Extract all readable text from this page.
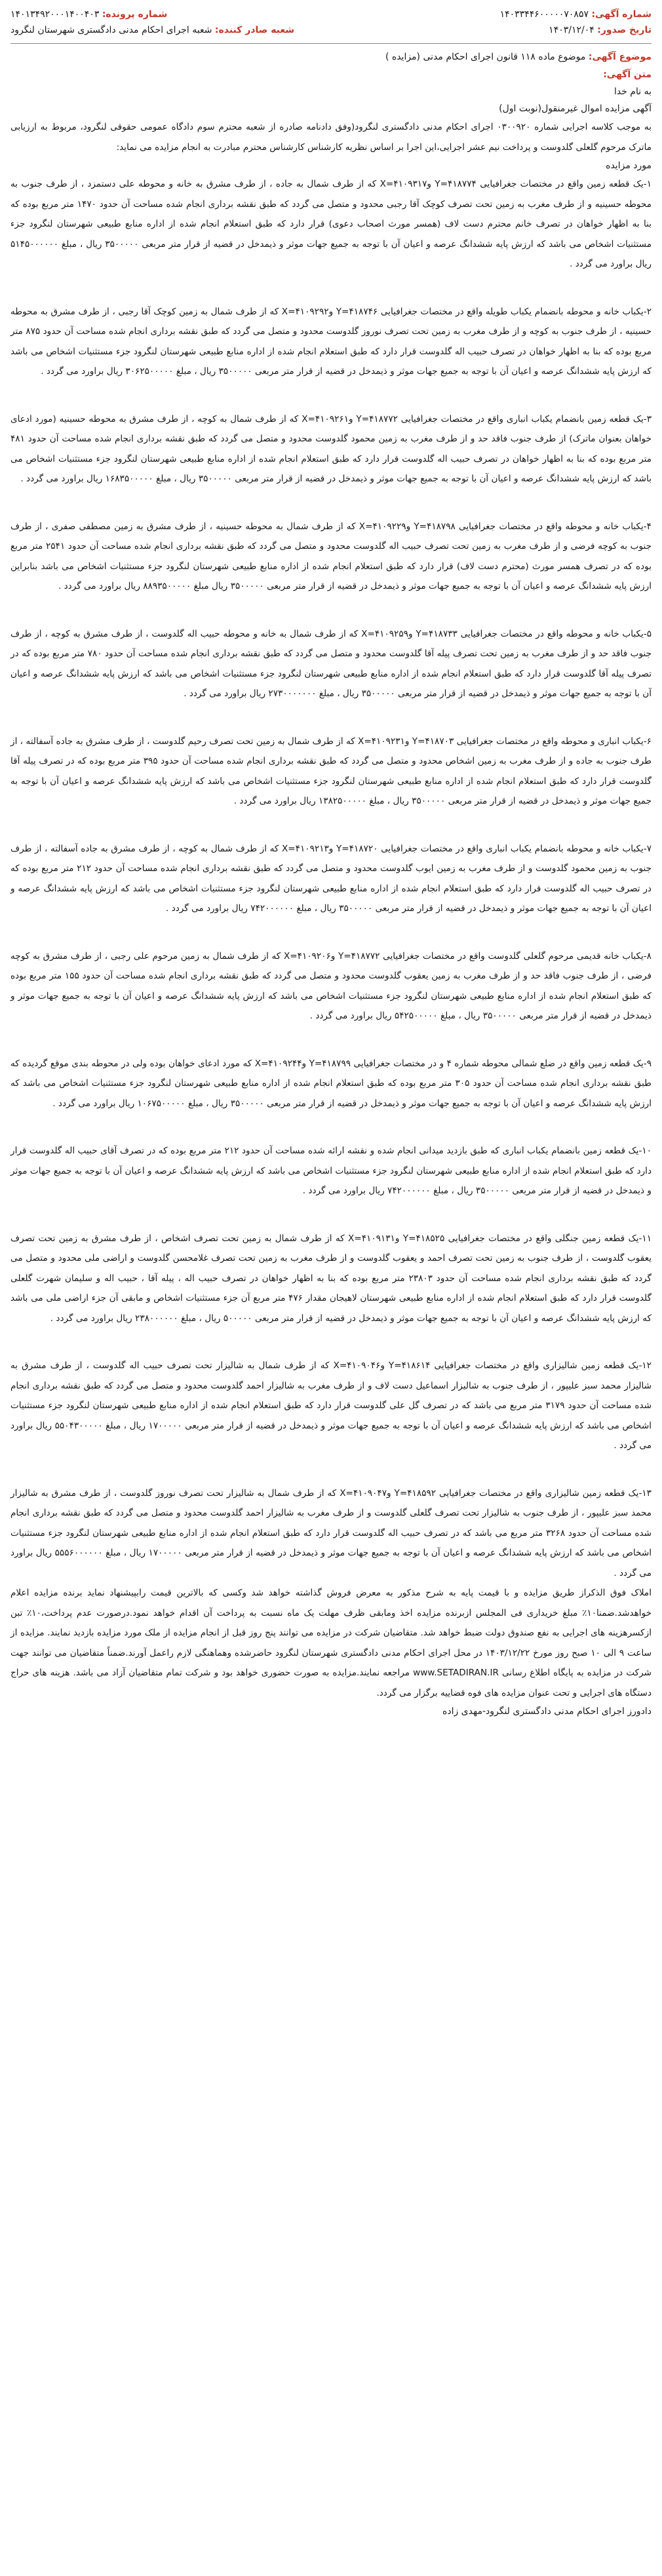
شماره آگهی: ۱۴۰۳۳۴۴۶۰۰۰۰۰۷۰۸۵۷
شماره پرونده: ۱۴۰۱۳۴۹۲۰۰۰۱۴۰۰۴۰۳
تاریخ صدور: ۱۴۰۳/۱۲/۰۴
شعبه صادر کننده: شعبه اجرای احکام مدنی دادگستری شهرستان لنگرود
موضوع آگهی: موضوع ماده ۱۱۸ قانون اجرای احکام مدنی (مزایده )
متن آگهی:
به نام خدا
آگهی مزایده اموال غیرمنقول(نوبت اول)

به موجب کلاسه اجرایی شماره ۰۳۰۰۹۲۰ اجرای احکام مدنی دادگستری لنگرود(وفق دادنامه صادره از شعبه محترم سوم دادگاه عمومی حقوقی لنگرود، مربوط به ارزیابی ماترک مرحوم گلعلی گلدوست و پرداخت نیم عشر اجرایی،این اجرا بر اساس نظریه کارشناس کارشناس محترم مبادرت به انجام مزایده می نماید:

مورد مزایده

۱-یک قطعه زمین واقع در مختصات جغرافیایی Y=۴۱۸۷۷۴ وX=۴۱۰۹۳۱۷ که از طرف شمال به جاده ، از طرف مشرق به خانه و محوطه علی دستمزد ، از طرف جنوب به محوطه حسینیه و از طرف مغرب به زمین تحت تصرف کوچک آقا رجبی محدود و متصل می گردد که طبق نقشه برداری انجام شده مساحت آن حدود ۱۴۷۰ متر مربع بوده که بنا به اظهار خواهان در تصرف خانم محترم دست لاف (همسر مورث اصحاب دعوی) قرار دارد که طبق استعلام انجام شده از اداره منابع طبیعی شهرستان لنگرود جزء مستثنیات اشخاص می باشد که ارزش پایه ششدانگ عرصه و اعیان آن با توجه به جمیع جهات موثر و ذیمدخل در قضیه از قرار متر مربعی ۳۵۰۰۰۰۰ ریال ، مبلغ ۵۱۴۵۰۰۰۰۰۰ ریال براورد می گردد .

۲-یکباب خانه و محوطه بانضمام یکباب طویله واقع در مختصات جغرافیایی Y=۴۱۸۷۴۶ وX=۴۱۰۹۲۹۲ که از طرف شمال به زمین کوچک آقا رجبی ، از طرف مشرق به محوطه حسینیه ، از طرف جنوب به کوچه و از طرف مغرب به زمین تحت تصرف نوروز گلدوست محدود و متصل می گردد که طبق نقشه برداری انجام شده مساحت آن حدود ۸۷۵ متر مربع بوده که بنا به اظهار خواهان در تصرف حبیب اله گلدوست قرار دارد که طبق استعلام انجام شده از اداره منابع طبیعی شهرستان لنگرود جزء مستثنیات اشخاص می باشد که ارزش پایه ششدانگ عرصه و اعیان آن با توجه به جمیع جهات موثر و ذیمدخل در قضیه از قرار متر مربعی ۳۵۰۰۰۰۰ ریال ، مبلغ ۳۰۶۲۵۰۰۰۰۰ ریال براورد می گردد .

۳-یک قطعه زمین بانضمام یکباب انباری واقع در مختصات جغرافیایی Y=۴۱۸۷۷۲ وX=۴۱۰۹۲۶۱ که از طرف شمال به کوچه ، از طرف مشرق به محوطه حسینیه (مورد ادعای خواهان بعنوان ماترک) از طرف جنوب فاقد حد و از طرف مغرب به زمین محمود گلدوست محدود و متصل می گردد که طبق نقشه برداری انجام شده مساحت آن حدود ۴۸۱ متر مربع بوده که بنا به اظهار خواهان در تصرف حبیب اله گلدوست قرار دارد که طبق استعلام انجام شده از اداره منابع طبیعی شهرستان لنگرود جزء مستثنیات اشخاص می باشد که ارزش پایه ششدانگ عرصه و اعیان آن با توجه به جمیع جهات موثر و ذیمدخل در قضیه از قرار متر مربعی ۳۵۰۰۰۰۰ ریال ، مبلغ ۱۶۸۳۵۰۰۰۰۰ ریال براورد می گردد .

۴-یکباب خانه و محوطه واقع در مختصات جغرافیایی Y=۴۱۸۷۹۸ وX=۴۱۰۹۲۲۹ که از طرف شمال به محوطه حسینیه ، از طرف مشرق به زمین مصطفی صفری ، از طرف جنوب به کوچه فرضی و از طرف مغرب به زمین تحت تصرف حبیب اله گلدوست محدود و متصل می گردد که طبق نقشه برداری انجام شده مساحت آن حدود ۲۵۴۱ متر مربع بوده که در تصرف همسر مورث (محترم دست لاف) قرار دارد که طبق استعلام انجام شده از اداره منابع طبیعی شهرستان لنگرود جزء مستثنیات اشخاص می باشد بنابراین ارزش پایه ششدانگ عرصه و اعیان آن با توجه به جمیع جهات موثر و ذیمدخل در قضیه از قرار متر مربعی ۳۵۰۰۰۰۰ ریال مبلغ ۸۸۹۳۵۰۰۰۰۰ ریال براورد می گردد .

۵-یکباب خانه و محوطه واقع در مختصات جغرافیایی Y=۴۱۸۷۳۳ وX=۴۱۰۹۲۵۹ که از طرف شمال به خانه و محوطه حبیب اله گلدوست ، از طرف مشرق به کوچه ، از طرف جنوب فاقد حد و از طرف مغرب به زمین تحت تصرف پیله آقا گلدوست محدود و متصل می گردد که طبق نقشه برداری انجام شده مساحت آن حدود ۷۸۰ متر مربع بوده که در تصرف پیله آقا گلدوست قرار دارد که طبق استعلام انجام شده از اداره منابع طبیعی شهرستان لنگرود جزء مستثنیات اشخاص می باشد که ارزش پایه ششدانگ عرصه و اعیان آن با توجه به جمیع جهات موثر و ذیمدخل در قضیه از قرار متر مربعی ۳۵۰۰۰۰۰ ریال ، مبلغ ۲۷۳۰۰۰۰۰۰۰ ریال براورد می گردد .

۶-یکباب انباری و محوطه واقع در مختصات جغرافیایی Y=۴۱۸۷۰۳ وX=۴۱۰۹۲۳۱ که از طرف شمال به زمین تحت تصرف رحیم گلدوست ، از طرف مشرق به جاده آسفالته ، از طرف جنوب به جاده و از طرف مغرب به زمین اشخاص محدود و متصل می گردد که طبق نقشه برداری انجام شده مساحت آن حدود ۳۹۵ متر مربع بوده که در تصرف پیله آقا گلدوست قرار دارد که طبق استعلام انجام شده از اداره منابع طبیعی شهرستان لنگرود جزء مستثنیات اشخاص می باشد که ارزش پایه ششدانگ عرصه و اعیان آن با توجه به جمیع جهات موثر و ذیمدخل در قضیه از قرار متر مربعی ۳۵۰۰۰۰۰ ریال ، مبلغ ۱۳۸۲۵۰۰۰۰۰ ریال براورد می گردد .

۷-یکباب خانه و محوطه بانضمام یکباب انباری واقع در مختصات جغرافیایی Y=۴۱۸۷۲۰ وX=۴۱۰۹۲۱۳ که از طرف شمال به کوچه ، از طرف مشرق به جاده آسفالته ، از طرف جنوب به زمین محمود گلدوست و از طرف مغرب به زمین ایوب گلدوست محدود و متصل می گردد که طبق نقشه برداری انجام شده مساحت آن حدود ۲۱۲ متر مربع بوده که در تصرف حبیب اله گلدوست قرار دارد که طبق استعلام انجام شده از اداره منابع طبیعی شهرستان لنگرود جزء مستثنیات اشخاص می باشد که ارزش پایه ششدانگ عرصه و اعیان آن با توجه به جمیع جهات موثر و ذیمدخل در قضیه از قرار متر مربعی ۳۵۰۰۰۰۰ ریال ، مبلغ ۷۴۲۰۰۰۰۰۰ ریال براورد می گردد .

۸-یکباب خانه قدیمی مرحوم گلعلی گلدوست واقع در مختصات جغرافیایی Y=۴۱۸۷۷۲ وX=۴۱۰۹۲۰۶ که از طرف شمال به زمین مرحوم علی رجبی ، از طرف مشرق به کوچه فرضی ، از طرف جنوب فاقد حد و از طرف مغرب به زمین یعقوب گلدوست محدود و متصل می گردد که طبق نقشه برداری انجام شده مساحت آن حدود ۱۵۵ متر مربع بوده که طبق استعلام انجام شده از اداره منابع طبیعی شهرستان لنگرود جزء مستثنیات اشخاص می باشد که ارزش پایه ششدانگ عرصه و اعیان آن با توجه به جمیع جهات موثر و ذیمدخل در قضیه از قرار متر مربعی ۳۵۰۰۰۰۰ ریال ، مبلغ ۵۴۲۵۰۰۰۰۰ ریال براورد می گردد .

۹-یک قطعه زمین واقع در ضلع شمالی محوطه شماره ۴ و در مختصات جغرافیایی Y=۴۱۸۷۹۹ وX=۴۱۰۹۲۴۴ که مورد ادعای خواهان بوده ولی در محوطه بندی موقع گردیده که طبق نقشه برداری انجام شده مساحت آن حدود ۳۰۵ متر مربع بوده که طبق استعلام انجام شده از اداره منابع طبیعی شهرستان لنگرود جزء مستثنیات اشخاص می باشد که ارزش پایه ششدانگ عرصه و اعیان آن با توجه به جمیع جهات موثر و ذیمدخل در قضیه از قرار متر مربعی ۳۵۰۰۰۰۰ ریال ، مبلغ ۱۰۶۷۵۰۰۰۰۰ ریال براورد می گردد .

۱۰-یک قطعه زمین بانضمام یکباب انباری که طبق بازدید میدانی انجام شده و نقشه ارائه شده مساحت آن حدود ۲۱۲ متر مربع بوده که در تصرف آقای حبیب اله گلدوست قرار دارد که طبق استعلام انجام شده از اداره منابع طبیعی شهرستان لنگرود جزء مستثنیات اشخاص می باشد که ارزش پایه ششدانگ عرصه و اعیان آن با توجه به جمیع جهات موثر و ذیمدخل در قضیه از قرار متر مربعی ۳۵۰۰۰۰۰ ریال ، مبلغ ۷۴۲۰۰۰۰۰۰ ریال براورد می گردد .

۱۱-یک قطعه زمین جنگلی واقع در مختصات جغرافیایی Y=۴۱۸۵۲۵ وX=۴۱۰۹۱۳۱ که از طرف شمال به زمین تحت تصرف اشخاص ، از طرف مشرق به زمین تحت تصرف یعقوب گلدوست ، از طرف جنوب به زمین تحت تصرف احمد و یعقوب گلدوست و از طرف مغرب به زمین تحت تصرف غلامحسن گلدوست و اراضی ملی محدود و متصل می گردد که طبق نقشه برداری انجام شده مساحت آن حدود ۲۳۸۰۳ متر مربع بوده که بنا به اظهار خواهان در تصرف حبیب اله ، پیله آقا ، حبیب اله و سلیمان شهرت گلعلی گلدوست قرار دارد که طبق استعلام انجام شده از اداره منابع طبیعی شهرستان لاهیجان مقدار ۴۷۶ متر مربع آن جزء مستثنیات اشخاص و مابقی آن جزء اراضی ملی می باشد که ارزش پایه ششدانگ عرصه و اعیان آن با توجه به جمیع جهات موثر و ذیمدخل در قضیه از قرار متر مربعی ۵۰۰۰۰۰ ریال ، مبلغ ۲۳۸۰۰۰۰۰۰ ریال براورد می گردد .

۱۲-یک قطعه زمین شالیزاری واقع در مختصات جغرافیایی Y=۴۱۸۶۱۴ وX=۴۱۰۹۰۴۶ که از طرف شمال به شالیزار تحت تصرف حبیب اله گلدوست ، از طرف مشرق به شالیزار محمد سبز علیپور ، از طرف جنوب به شالیزار اسماعیل دست لاف و از طرف مغرب به شالیزار احمد گلدوست محدود و متصل می گردد که طبق نقشه برداری انجام شده مساحت آن حدود ۳۱۷۹ متر مربع می باشد که در تصرف گل علی گلدوست قرار دارد که طبق استعلام انجام شده از اداره منابع طبیعی شهرستان لنگرود جزء مستثنیات اشخاص می باشد که ارزش پایه ششدانگ عرصه و اعیان آن با توجه به جمیع جهات موثر و ذیمدخل در قضیه از قرار متر مربعی ۱۷۰۰۰۰۰ ریال ، مبلغ ۵۵۰۴۳۰۰۰۰۰ ریال براورد می گردد .

۱۳-یک قطعه زمین شالیزاری واقع در مختصات جغرافیایی Y=۴۱۸۵۹۲ وX=۴۱۰۹۰۴۷ که از طرف شمال به شالیزار تحت تصرف نوروز گلدوست ، از طرف مشرق به شالیزار محمد سبز علیپور ، از طرف جنوب به شالیزار تحت تصرف گلعلی گلدوست و از طرف مغرب به شالیزار احمد گلدوست محدود و متصل می گردد که طبق نقشه برداری انجام شده مساحت آن حدود ۳۲۶۸ متر مربع می باشد که در تصرف حبیب اله گلدوست قرار دارد که طبق استعلام انجام شده از اداره منابع طبیعی شهرستان لنگرود جزء مستثنیات اشخاص می باشد که ارزش پایه ششدانگ عرصه و اعیان آن با توجه به جمیع جهات موثر و ذیمدخل در قضیه از قرار متر مربعی ۱۷۰۰۰۰۰ ریال ، مبلغ ۵۵۵۶۰۰۰۰۰۰ ریال براورد می گردد .

املاک فوق الذکراز طریق مزایده و با قیمت پایه به شرح مذکور به معرض فروش گذاشته خواهد شد وکسی که بالاترین قیمت رابپیشنهاد نماید برنده مزایده اعلام خواهدشد.ضمنا۱۰٪ مبلغ خریداری فی المجلس ازبرنده مزایده اخذ ومابقی ظرف مهلت یک ماه نسبت به پرداخت آن اقدام خواهد نمود.درصورت عدم پرداخت،۱۰٪ تبن ازکسرهزینه های اجرایی به نفع صندوق دولت ضبط خواهد شد. متقاضیان شرکت در مزایده می توانند پنج روز قبل از انجام مزایده از ملک مورد مزایده بازدید نمایند. مزایده از ساعت ۹ الی ۱۰ صبح روز مورخ ۱۴۰۳/۱۲/۲۲ در محل اجرای احکام مدنی دادگستری شهرستان لنگرود حاضرشده وهماهنگی لازم راعمل آورند.ضمناً متقاضیان می توانند جهت شرکت در مزایده به پایگاه اطلاع رسانی www.SETADIRAN.IR مراجعه نمایند.مزایده به صورت حضوری خواهد بود و شرکت تمام متقاضیان آزاد می باشد. هزینه های حراج دستگاه های اجرایی و تحت عنوان مزایده های فوه قضاییه برگزار می گردد.

دادورز اجرای احکام مدنی دادگستری لنگرود-مهدی زاده
